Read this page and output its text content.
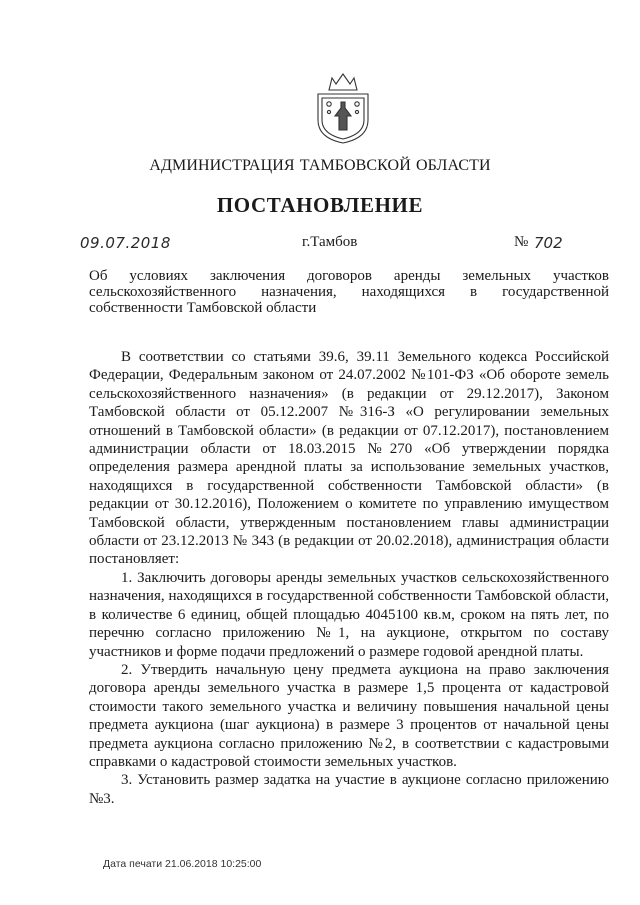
АДМИНИСТРАЦИЯ ТАМБОВСКОЙ ОБЛАСТИ
ПОСТАНОВЛЕНИЕ
09.07.2018	г.Тамбов	№ 702
Об условиях заключения договоров аренды земельных участков сельскохозяйственного назначения, находящихся в государственной собственности Тамбовской области

В соответствии со статьями 39.6, 39.11 Земельного кодекса Российской Федерации, Федеральным законом от 24.07.2002 №101-ФЗ «Об обороте земель сельскохозяйственного назначения» (в редакции от 29.12.2017), Законом Тамбовской области от 05.12.2007 №316-З «О регулировании земельных отношений в Тамбовской области» (в редакции от 07.12.2017), постановлением администрации области от 18.03.2015 №270 «Об утверждении порядка определения размера арендной платы за использование земельных участков, находящихся в государственной собственности Тамбовской области» (в редакции от 30.12.2016), Положением о комитете по управлению имуществом Тамбовской области, утвержденным постановлением главы администрации области от 23.12.2013 № 343 (в редакции от 20.02.2018), администрация области постановляет:

1. Заключить договоры аренды земельных участков сельскохозяйственного назначения, находящихся в государственной собственности Тамбовской области, в количестве 6 единиц, общей площадью 4045100 кв.м, сроком на пять лет, по перечню согласно приложению №1, на аукционе, открытом по составу участников и форме подачи предложений о размере годовой арендной платы.

2. Утвердить начальную цену предмета аукциона на право заключения договора аренды земельного участка в размере 1,5 процента от кадастровой стоимости такого земельного участка и величину повышения начальной цены предмета аукциона (шаг аукциона) в размере 3 процентов от начальной цены предмета аукциона согласно приложению №2, в соответствии с кадастровыми справками о кадастровой стоимости земельных участков.

3. Установить размер задатка на участие в аукционе согласно приложению №3.

Дата печати 21.06.2018 10:25:00
